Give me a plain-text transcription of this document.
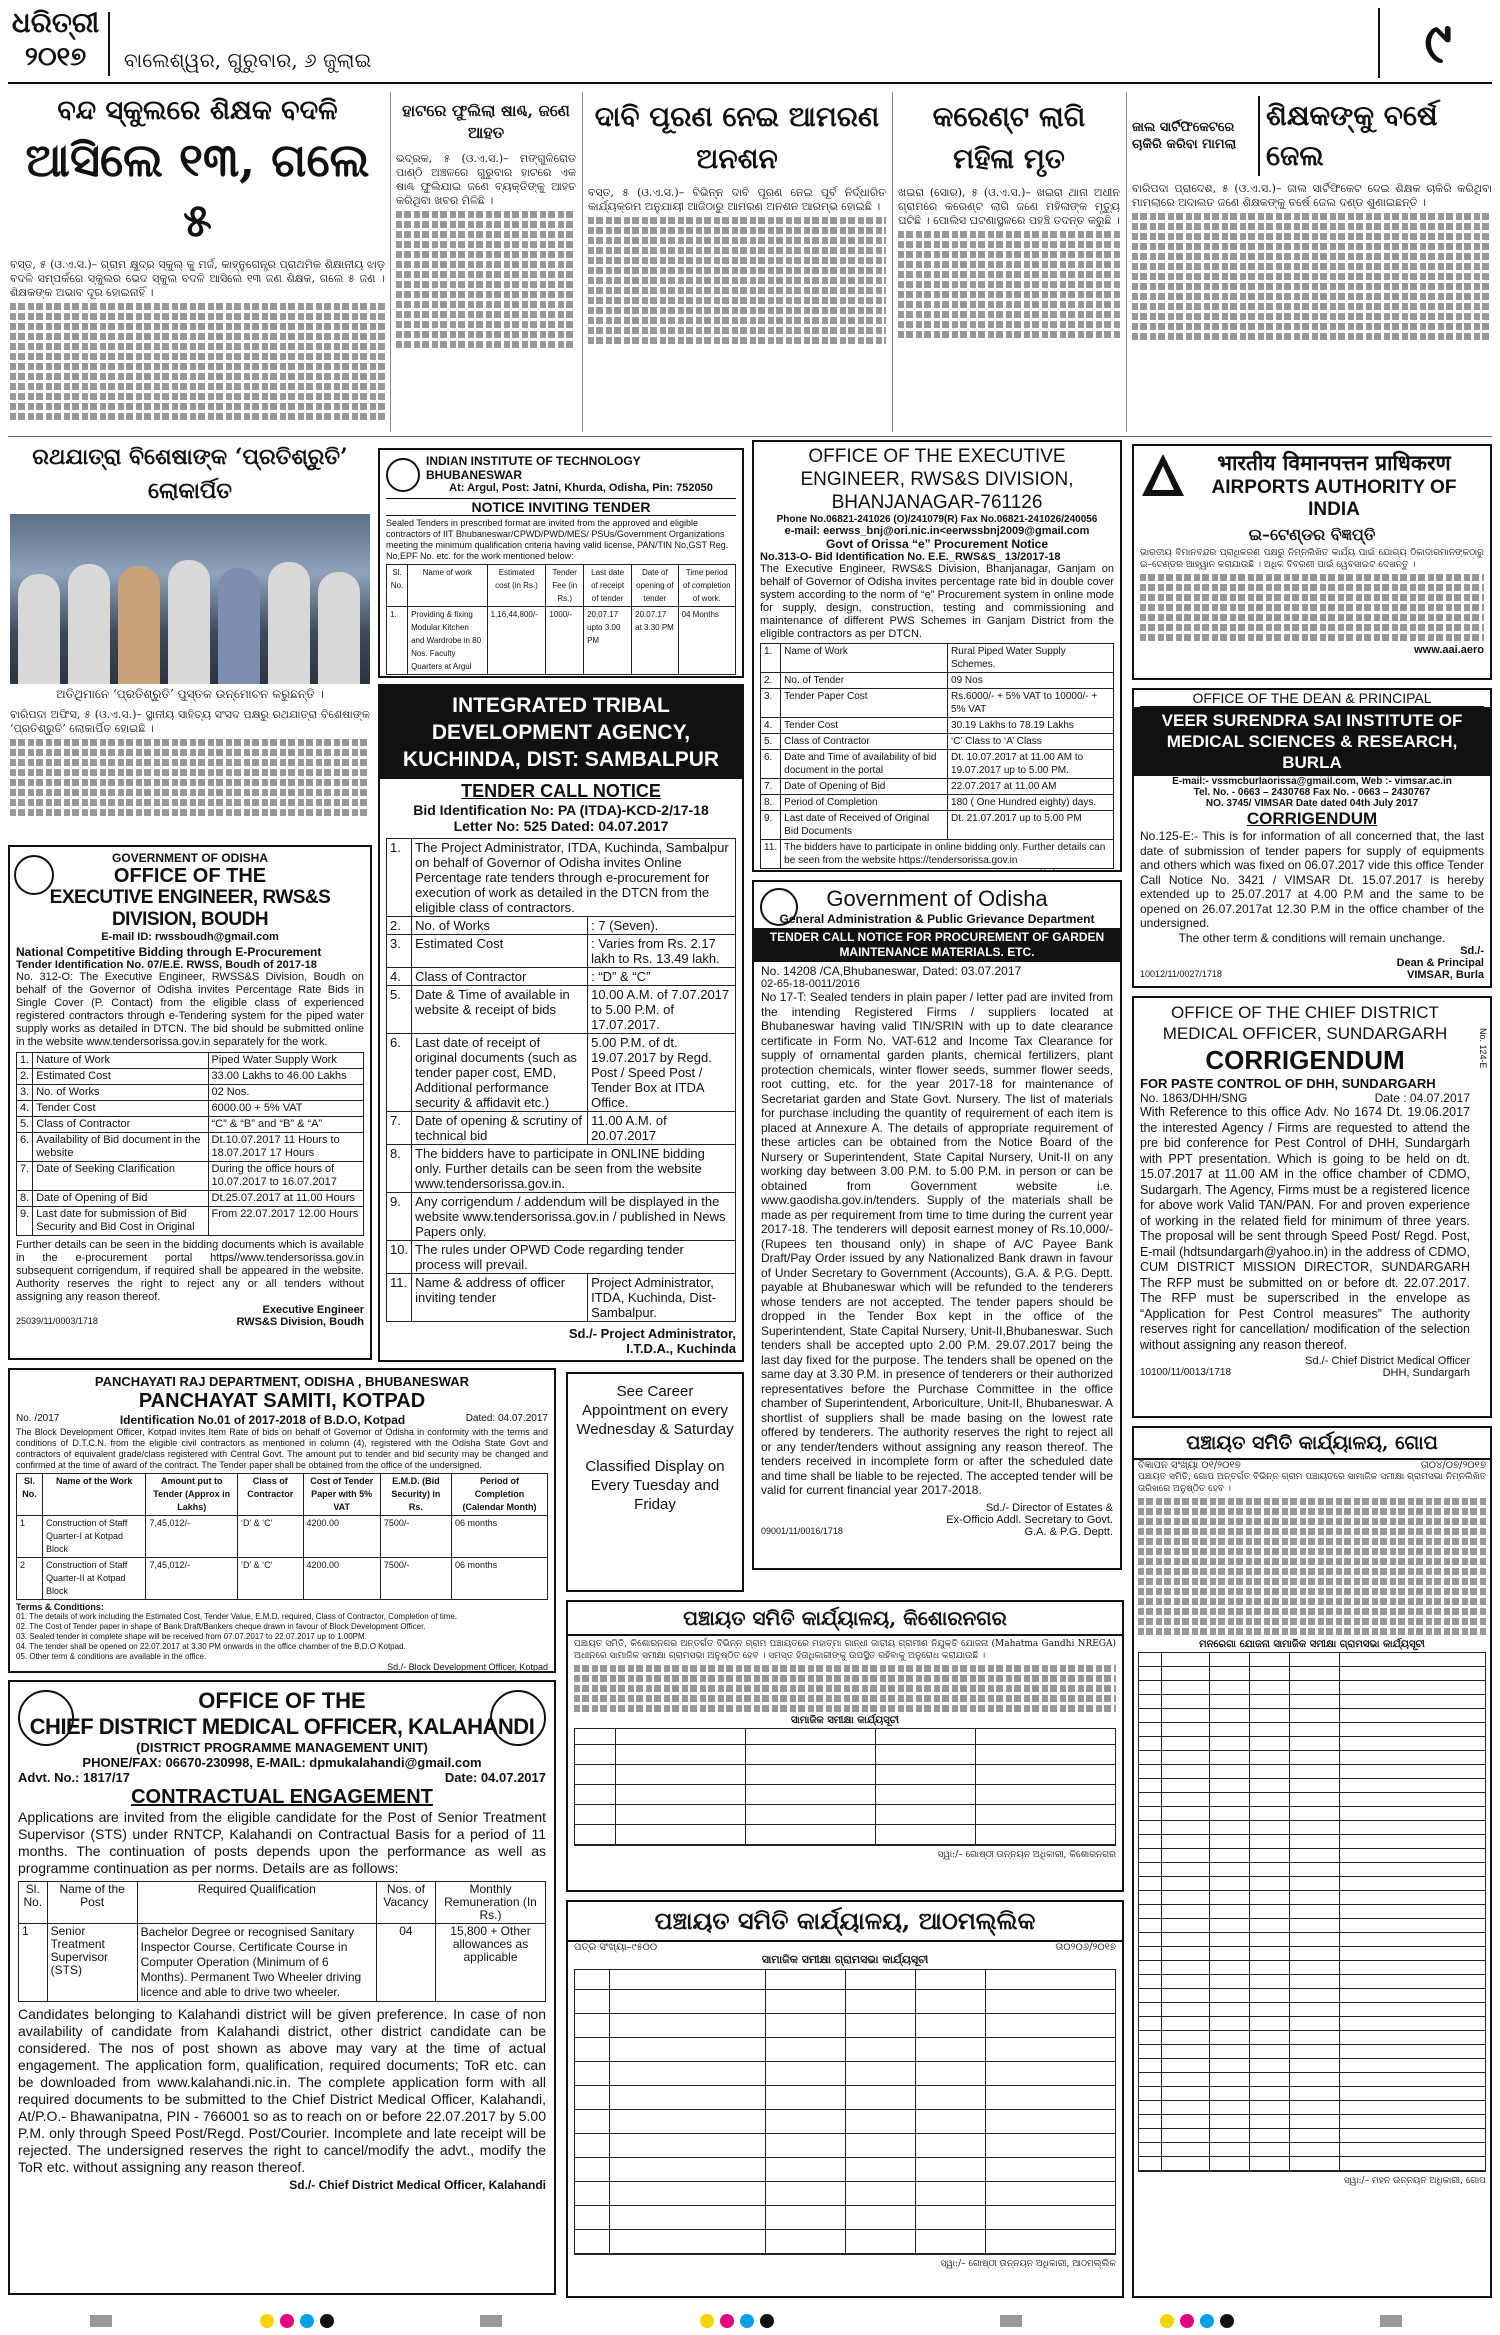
ଧରିତ୍ରୀ
୨୦୧୭	ବାଲେଶ୍ୱର, ଗୁରୁବାର, ୬ ଜୁଲାଇ	୯
ବନ୍ଦ ସ୍କୁଲରେ ଶିକ୍ଷକ ବଦଳି
ଆସିଲେ ୧୩, ଗଲେ ୫
ବସ୍ତ, ୫ (ଓ.ଏ.ସ.)– ଗ୍ରାମ କ୍ଷୁଦ୍ର ସ୍କୁଲ୍ କୁ ମର୍ଜ, କାହ୍ନୁଗେନ୍ତ୍ର ପ୍ରାଥମିକ ଶିକ୍ଷାନୀୟ ଝାଡ଼ ବଦଳି ସମ୍ପର୍କରେ ସ୍କୁଲର ଭେଦ ସ୍କୁଲ ବଦଳି ଆସିଲେ ୧୩ ଜଣ ଶିକ୍ଷକ, ଗଲେ ୫ ଜଣ । ଶିକ୍ଷକଙ୍କ ଅଭାବ ଦୂର ହୋଇନାହିଁ ।
ହାଟରେ ଫୁଲିଲା ଷାଣ୍ଢ, ଜଣେ ଆହତ
ଭଦ୍ରକ, ୫ (ଓ.ଏ.ସ.)– ମଙ୍ଗୁଳିରୋଡ ପାଣ୍ଠି ଅଞ୍ଚଳରେ ଗୁରୁବାର ହାଟରେ ଏକ ଷାଣ୍ଢ ଫୁଲିଯାଇ ଜଣେ ବ୍ୟକ୍ତିଙ୍କୁ ଆହତ କରିଥିବା ଖବର ମିଳିଛି ।
ଦାବି ପୂରଣ ନେଇ ଆମରଣ ଅନଶନ
ବସ୍ତ, ୫ (ଓ.ଏ.ସ.)– ବିଭିନ୍ନ ଦାବି ପୂରଣ ନେଇ ପୂର୍ବ ନିର୍ଦ୍ଧାରିତ କାର୍ଯ୍ୟକ୍ରମ ଅନୁଯାୟୀ ଆଜିଠାରୁ ଆମରଣ ଅନଶନ ଆରମ୍ଭ ହୋଇଛି ।
କରେଣ୍ଟ ଲାଗି ମହିଳା ମୃତ
ଖଇରା (ସୋର), ୫ (ଓ.ଏ.ସ.)– ଖଇରା ଥାନା ଅଧୀନ ଗ୍ରାମରେ କରେଣ୍ଟ ଲାଗି ଜଣେ ମହିଳାଙ୍କ ମୃତ୍ୟୁ ଘଟିଛି । ପୋଲିସ ଘଟଣାସ୍ଥଳରେ ପହଞ୍ଚି ତଦନ୍ତ କରୁଛି ।
ଜାଲ ସାର୍ଟିଫିକେଟରେ ଚାକିରି କରିବା ମାମଲା
ଶିକ୍ଷକଙ୍କୁ ବର୍ଷେ ଜେଲ
ବାରିପଦା ପ୍ରାଦେଶ, ୫ (ଓ.ଏ.ସ.)– ଜାଲ ସାର୍ଟିଫିକେଟ ଦେଇ ଶିକ୍ଷକ ଚାକିରି କରିଥିବା ମାମଲାରେ ଅଦାଲତ ଜଣେ ଶିକ୍ଷକଙ୍କୁ ବର୍ଷେ ଜେଲ ଦଣ୍ଡ ଶୁଣାଇଛନ୍ତି ।
ରଥଯାତ୍ରା ବିଶେଷାଙ୍କ ‘ପ୍ରତିଶ୍ରୁତି’ ଲୋକାର୍ପିତ
ଅତିଥିମାନେ ‘ପ୍ରତିଶ୍ରୁତି’ ପୁସ୍ତକ ଉନ୍ମୋଚନ କରୁଛନ୍ତି ।
ବାରିପଦା ଅଫିସ, ୫ (ଓ.ଏ.ସ.)– ସ୍ଥାନୀୟ ସାହିତ୍ୟ ସଂସଦ ପକ୍ଷରୁ ରଥଯାତ୍ରା ବିଶେଷାଙ୍କ ‘ପ୍ରତିଶ୍ରୁତି’ ଲୋକାର୍ପିତ ହୋଇଛି ।
GOVERNMENT OF ODISHA
OFFICE OF THE
EXECUTIVE ENGINEER, RWS&S DIVISION, BOUDH
E-mail ID: rwssboudh@gmail.com
National Competitive Bidding through E-Procurement
Tender Identification No. 07/E.E. RWSS, Boudh of 2017-18
No. 312-O: The Executive Engineer, RWSS&S Division, Boudh on behalf of the Governor of Odisha invites Percentage Rate Bids in Single Cover (P. Contact) from the eligible class of experienced registered contractors through e-Tendering system for the piped water supply works as detailed in DTCN. The bid should be submitted online in the website www.tendersorissa.gov.in separately for the work.
1.	Nature of Work	Piped Water Supply Work
2.	Estimated Cost	33.00 Lakhs to 46.00 Lakhs
3.	No. of Works	02 Nos.
4.	Tender Cost	6000.00 + 5% VAT
5.	Class of Contractor	“C” & “B” and “B” & “A”
6.	Availability of Bid document in the website	Dt.10.07.2017 11 Hours to 18.07.2017 17 Hours
7.	Date of Seeking Clarification	During the office hours of 10.07.2017 to 16.07.2017
8.	Date of Opening of Bid	Dt.25.07.2017 at 11.00 Hours
9.	Last date for submission of Bid Security and Bid Cost in Original	From 22.07.2017 12.00 Hours
Further details can be seen in the bidding documents which is available in the e-procurement portal https//www.tendersorissa.gov.in subsequent corrigendum, if required shall be appeared in the website. Authority reserves the right to reject any or all tenders without assigning any reason thereof.
Executive Engineer
25039/11/0003/1718	RWS&S Division, Boudh
PANCHAYATI RAJ DEPARTMENT, ODISHA , BHUBANESWAR
PANCHAYAT SAMITI, KOTPAD
No. /2017	Identification No.01 of 2017-2018 of B.D.O, Kotpad	Dated: 04.07.2017
The Block Development Officer, Kotpad invites Item Rate of bids on behalf of Governor of Odisha in conformity with the terms and conditions of D.T.C.N. from the eligible civil contractors as mentioned in column (4), registered with the Odisha State Govt and contractors of equivalent grade/class registered with Central Govt. The amount put to tender and bid security may be changed and confirmed at the time of award of the contract. The Tender paper shall be obtained from the office of the undersigned.
Sl. No.	Name of the Work	Amount put to Tender (Approx in Lakhs)	Class of Contractor	Cost of Tender Paper with 5% VAT	E.M.D. (Bid Security) in Rs.	Period of Completion (Calendar Month)
1	Construction of Staff Quarter-I at Kotpad Block	7,45,012/-	‘D’ & ‘C’	4200.00	7500/-	06 months
2	Construction of Staff Quarter-II at Kotpad Block	7,45,012/-	‘D’ & ‘C’	4200.00	7500/-	06 months
Terms & Conditions:
01. The details of work including the Estimated Cost, Tender Value, E.M.D. required, Class of Contractor, Completion of time.
02. The Cost of Tender paper in shape of Bank Draft/Bankers cheque drawn in favour of Block Development Officer.
03. Sealed tender in complete shape will be received from 07.07.2017 to 22.07.2017 up to 1.00PM.
04. The tender shall be opened on 22.07.2017 at 3.30 PM onwards in the office chamber of the B.D.O Kotpad.
05. Other term & conditions are available in the office.
Sd./- Block Development Officer, Kotpad
See Career Appointment on every Wednesday & Saturday
Classified Display on Every Tuesday and Friday
OFFICE OF THE
CHIEF DISTRICT MEDICAL OFFICER, KALAHANDI
(DISTRICT PROGRAMME MANAGEMENT UNIT)
PHONE/FAX: 06670-230998, E-MAIL: dpmukalahandi@gmail.com
Advt. No.: 1817/17	Date: 04.07.2017
CONTRACTUAL ENGAGEMENT
Applications are invited from the eligible candidate for the Post of Senior Treatment Supervisor (STS) under RNTCP, Kalahandi on Contractual Basis for a period of 11 months. The continuation of posts depends upon the performance as well as programme continuation as per norms. Details are as follows:
Sl. No.	Name of the Post	Required Qualification	Nos. of Vacancy	Monthly Remuneration (In Rs.)
1	Senior Treatment Supervisor (STS)	Bachelor Degree or recognised Sanitary Inspector Course. Certificate Course in Computer Operation (Minimum of 6 Months). Permanent Two Wheeler driving licence and able to drive two wheeler.	04	15,800 + Other allowances as applicable
Candidates belonging to Kalahandi district will be given preference. In case of non availability of candidate from Kalahandi district, other district candidate can be considered. The nos of post shown as above may vary at the time of actual engagement. The application form, qualification, required documents; ToR etc. can be downloaded from www.kalahandi.nic.in. The complete application form with all required documents to be submitted to the Chief District Medical Officer, Kalahandi, At/P.O.- Bhawanipatna, PIN - 766001 so as to reach on or before 22.07.2017 by 5.00 P.M. only through Speed Post/Regd. Post/Courier. Incomplete and late receipt will be rejected. The undersigned reserves the right to cancel/modify the advt., modify the ToR etc. without assigning any reason thereof.
Sd./- Chief District Medical Officer, Kalahandi
INDIAN INSTITUTE OF TECHNOLOGY BHUBANESWAR
At: Argul, Post: Jatni, Khurda, Odisha, Pin: 752050
NOTICE INVITING TENDER
Sealed Tenders in prescribed format are invited from the approved and eligible contractors of IIT Bhubaneswar/CPWD/PWD/MES/ PSUs/Government Organizations meeting the minimum qualification criteria having valid license, PAN/TIN No,GST Reg. No,EPF No. etc. for the work mentioned below:
Sl. No.	Name of work	Estimated cost (in Rs.)	Tender Fee (in Rs.)	Last date of receipt of tender	Date of opening of tender	Time period of completion of work.
1.	Providing & fixing Modular Kitchen and Wardrobe in 80 Nos. Faculty Quarters at Argul	1,16,44,800/-	1000/-	20.07.17 upto 3.00 PM	20.07.17 at 3.30 PM	04 Months

INTEGRATED TRIBAL DEVELOPMENT AGENCY, KUCHINDA, DIST: SAMBALPUR
TENDER CALL NOTICE
Bid Identification No: PA (ITDA)-KCD-2/17-18
Letter No: 525 Dated: 04.07.2017
1.	The Project Administrator, ITDA, Kuchinda, Sambalpur on behalf of Governor of Odisha invites Online Percentage rate tenders through e-procurement for execution of work as detailed in the DTCN from the eligible class of contractors.	
2.	No. of Works	: 7 (Seven).
3.	Estimated Cost	: Varies from Rs. 2.17 lakh to Rs. 13.49 lakh.
4.	Class of Contractor	: “D” & “C”
5.	Date & Time of available in website & receipt of bids	10.00 A.M. of 7.07.2017 to 5.00 P.M. of 17.07.2017.
6.	Last date of receipt of original documents (such as tender paper cost, EMD, Additional performance security & affidavit etc.)	5.00 P.M. of dt. 19.07.2017 by Regd. Post / Speed Post / Tender Box at ITDA Office.
7.	Date of opening & scrutiny of technical bid	11.00 A.M. of 20.07.2017
8.	The bidders have to participate in ONLINE bidding only. Further details can be seen from the website www.tendersorissa.gov.in.	
9.	Any corrigendum / addendum will be displayed in the website www.tendersorissa.gov.in / published in News Papers only.	
10.	The rules under OPWD Code regarding tender process will prevail.	
11.	Name & address of officer inviting tender	Project Administrator, ITDA, Kuchinda, Dist- Sambalpur.
Sd./- Project Administrator,
I.T.D.A., Kuchinda
OFFICE OF THE EXECUTIVE ENGINEER, RWS&S DIVISION, BHANJANAGAR-761126
Phone No.06821-241026 (O)/241079(R) Fax No.06821-241026/240056
e-mail: eerwss_bnj@ori.nic.in<eerwssbnj2009@gmail.com
Govt of Orissa “e” Procurement Notice
No.313-O- Bid Identification No. E.E._RWS&S_ 13/2017-18
The Executive Engineer, RWS&S Division, Bhanjanagar, Ganjam on behalf of Governor of Odisha invites percentage rate bid in double cover system according to the norm of “e” Procurement system in online mode for supply, design, construction, testing and commissioning and maintenance of different PWS Schemes in Ganjam District from the eligible contractors as per DTCN.
1.	Name of Work	Rural Piped Water Supply Schemes.
2.	No. of Tender	09 Nos
3.	Tender Paper Cost	Rs.6000/- + 5% VAT to 10000/- + 5% VAT
4.	Tender Cost	30.19 Lakhs to 78.19 Lakhs
5.	Class of Contractor	‘C’ Class to ‘A’ Class
6.	Date and Time of availability of bid document in the portal	Dt. 10.07.2017 at 11.00 AM to 19.07.2017 up to 5.00 PM.
7.	Date of Opening of Bid	22.07.2017 at 11.00 AM
8.	Period of Completion	180 ( One Hundred eighty) days.
9.	Last date of Received of Original Bid Documents	Dt. 21.07.2017 up to 5.00 PM
11.	The bidders have to participate in online bidding only. Further details can be seen from the website https://tendersorissa.gov.in	
Government of Odisha
General Administration & Public Grievance Department
TENDER CALL NOTICE FOR PROCUREMENT OF GARDEN MAINTENANCE MATERIALS. ETC.
No. 14208 /CA,Bhubaneswar, Dated: 03.07.2017
02-65-18-0011/2016
No 17-T: Sealed tenders in plain paper / letter pad are invited from the intending Registered Firms / suppliers located at Bhubaneswar having valid TIN/SRIN with up to date clearance certificate in Form No. VAT-612 and Income Tax Clearance for supply of ornamental garden plants, chemical fertilizers, plant protection chemicals, winter flower seeds, summer flower seeds, root cutting, etc. for the year 2017-18 for maintenance of Secretariat garden and State Govt. Nursery. The list of materials for purchase including the quantity of requirement of each item is placed at Annexure A. The details of appropriate requirement of these articles can be obtained from the Notice Board of the Nursery or Superintendent, State Capital Nursery, Unit-II on any working day between 3.00 P.M. to 5.00 P.M. in person or can be obtained from Government website i.e. www.gaodisha.gov.in/tenders. Supply of the materials shall be made as per requirement from time to time during the current year 2017-18. The tenderers will deposit earnest money of Rs.10,000/- (Rupees ten thousand only) in shape of A/C Payee Bank Draft/Pay Order issued by any Nationalized Bank drawn in favour of Under Secretary to Government (Accounts), G.A. & P.G. Deptt. payable at Bhubaneswar which will be refunded to the tenderers whose tenders are not accepted. The tender papers should be dropped in the Tender Box kept in the office of the Superintendent, State Capital Nursery, Unit-II,Bhubaneswar. Such tenders shall be accepted upto 2.00 P.M. 29.07.2017 being the last day fixed for the purpose. The tenders shall be opened on the same day at 3.30 P.M. in presence of tenderers or their authorized representatives before the Purchase Committee in the office chamber of Superintendent, Arboriculture, Unit-II, Bhubaneswar. A shortlist of suppliers shall be made basing on the lowest rate offered by tenderers. The authority reserves the right to reject all or any tender/tenders without assigning any reason thereof. The tenders received in incomplete form or after the scheduled date and time shall be liable to be rejected. The accepted tender will be valid for current financial year 2017-2018.
Sd./- Director of Estates &
Ex-Officio Addl. Secretary to Govt.
09001/11/0016/1718	G.A. & P.G. Deptt.
भारतीय विमानपत्तन प्राधिकरण
AIRPORTS AUTHORITY OF INDIA
ଇ–ଟେଣ୍ଡର ବିଜ୍ଞପ୍ତି
ଭାରତୀୟ ବିମାନବନ୍ଦର ପ୍ରାଧିକରଣ ପକ୍ଷରୁ ନିମ୍ନଲିଖିତ କାର୍ଯ୍ୟ ପାଇଁ ଯୋଗ୍ୟ ଠିକାଦାରମାନଙ୍କଠାରୁ ଇ–ଟେଣ୍ଡର ଆହ୍ୱାନ କରାଯାଉଛି । ଅଧିକ ବିବରଣୀ ପାଇଁ ୱେବସାଇଟ ଦେଖନ୍ତୁ ।
www.aai.aero
OFFICE OF THE DEAN & PRINCIPAL
VEER SURENDRA SAI INSTITUTE OF MEDICAL SCIENCES & RESEARCH, BURLA
E-mail:- vssmcburlaorissa@gmail.com, Web :- vimsar.ac.in
Tel. No. - 0663 – 2430768 Fax No. - 0663 – 2430767
NO. 3745/ VIMSAR Date dated 04th July 2017
CORRIGENDUM
No.125-E:- This is for information of all concerned that, the last date of submission of tender papers for supply of equipments and others which was fixed on 06.07.2017 vide this office Tender Call Notice No. 3421 / VIMSAR Dt. 15.07.2017 is hereby extended up to 25.07.2017 at 4.00 P.M and the same to be opened on 26.07.2017at 12.30 P.M in the office chamber of the undersigned.
The other term & conditions will remain unchange.
Sd./-
Dean & Principal
10012/11/0027/1718	VIMSAR, Burla
No. 124-E
OFFICE OF THE CHIEF DISTRICT MEDICAL OFFICER, SUNDARGARH
CORRIGENDUM
FOR PASTE CONTROL OF DHH, SUNDARGARH
No. 1863/DHH/SNG	Date : 04.07.2017
With Reference to this office Adv. No 1674 Dt. 19.06.2017 the interested Agency / Firms are requested to attend the pre bid conference for Pest Control of DHH, Sundargarh with PPT presentation. Which is going to be held on dt. 15.07.2017 at 11.00 AM in the office chamber of CDMO, Sudargarh. The Agency, Firms must be a registered licence for above work Valid TAN/PAN. For and proven experience of working in the related field for minimum of three years. The proposal will be sent through Speed Post/ Regd. Post, E-mail (hdtsundargarh@yahoo.in) in the address of CDMO, CUM DISTRICT MISSION DIRECTOR, SUNDARGARH The RFP must be submitted on or before dt. 22.07.2017. The RFP must be superscribed in the envelope as “Application for Pest Control measures” The authority reserves right for cancellation/ modification of the selection without assigning any reason thereof.
Sd./- Chief District Medical Officer
10100/11/0013/1718	DHH, Sundargarh
ପଞ୍ଚାୟତ ସମିତି କାର୍ଯ୍ୟାଳୟ, ଗୋପ
ବିଜ୍ଞାପନ ସଂଖ୍ୟା ୦୧/୨୦୧୭	ତା୦୪/୦୭/୨୦୧୭
ପଞ୍ଚାୟତ ସମିତି, ଗୋପ ଅନ୍ତର୍ଗତ ବିଭିନ୍ନ ଗ୍ରାମ ପଞ୍ଚାୟତରେ ସାମାଜିକ ସମୀକ୍ଷା ଗ୍ରାମସଭା ନିମ୍ନଲିଖିତ ତାରିଖରେ ଅନୁଷ୍ଠିତ ହେବ ।
ମନରେଗା ଯୋଜନା ସାମାଜିକ ସମୀକ୍ଷା ଗ୍ରାମସଭା କାର୍ଯ୍ୟସୂଚୀ
ସ୍ୱା:/– ମହନ ଉନ୍ନୟନ ଅଧିକାରୀ, ଗୋପ
ପଞ୍ଚାୟତ ସମିତି କାର୍ଯ୍ୟାଳୟ, କିଶୋରନଗର
ପଞ୍ଚାୟତ ସମିତି, କିଶୋରନଗର ଅନ୍ତର୍ଗତ ବିଭିନ୍ନ ଗ୍ରାମ ପଞ୍ଚାୟତରେ ମହାତ୍ମା ଗାନ୍ଧୀ ଜାତୀୟ ଗ୍ରାମୀଣ ନିଯୁକ୍ତି ଯୋଜନା (Mahatma Gandhi NREGA) ଅଧୀନରେ ସାମାଜିକ ସମୀକ୍ଷା ଗ୍ରାମସଭା ଅନୁଷ୍ଠିତ ହେବ । ସମସ୍ତ ହିତାଧିକାରୀଙ୍କୁ ଉପସ୍ଥିତ ରହିବାକୁ ଅନୁରୋଧ କରାଯାଉଛି ।
ସାମାଜିକ ସମୀକ୍ଷା କାର୍ଯ୍ୟସୂଚୀ
ସ୍ୱା:/– ଗୋଷ୍ଠୀ ଉନ୍ନୟନ ଅଧିକାରୀ, କିଶୋରନଗର
ପଞ୍ଚାୟତ ସମିତି କାର୍ଯ୍ୟାଳୟ, ଆଠମଲ୍ଲିକ
ପତ୍ର ସଂଖ୍ୟା–୯୫୦୦	ତା୦୨୦୬/୨୦୧୭
ସାମାଜିକ ସମୀକ୍ଷା ଗ୍ରାମସଭା କାର୍ଯ୍ୟସୂଚୀ
ସ୍ୱା:/– ଗୋଷ୍ଠୀ ଉନ୍ନୟନ ଅଧିକାରୀ, ଆଠମଲ୍ଲିକ
